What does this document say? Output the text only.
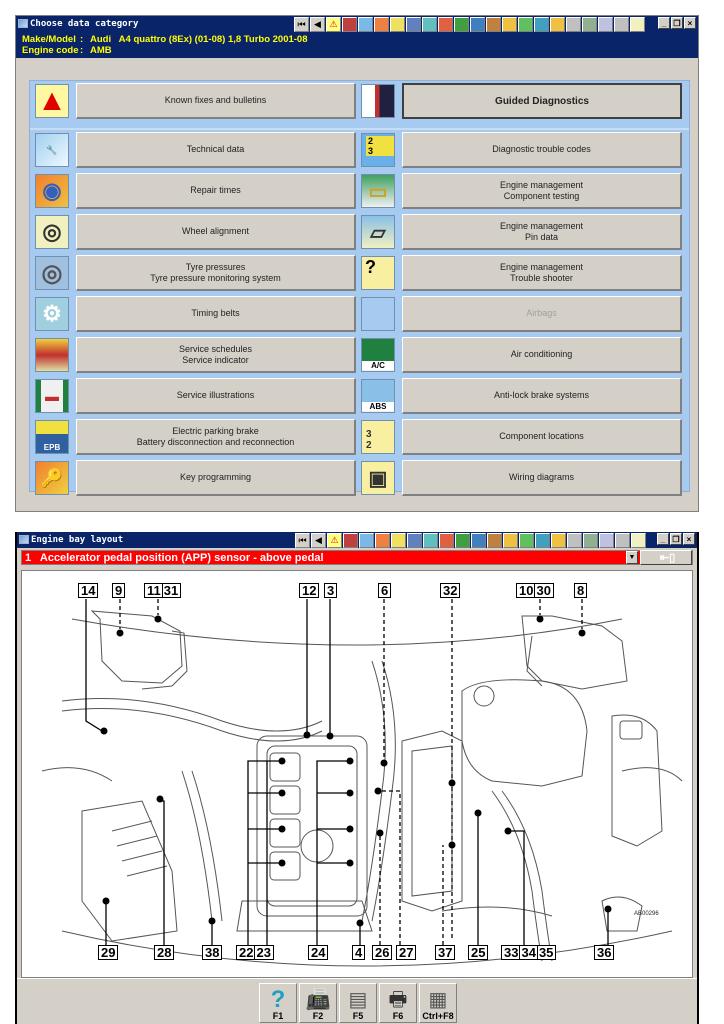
Choose data category	⏮ ◀ ⚠	_ ❐ ×
Make/Model : Audi   A4 quattro (8Ex) (01-08) 1,8 Turbo 2001-08
Engine code : AMB
▲	Known fixes and bulletins
🔧	Technical data
◉	Repair times
◎	Wheel alignment
◎	Tyre pressures
Tyre pressure monitoring system
⚙	Timing belts
Service schedules
Service indicator
▬	Service illustrations
EPB
Electric parking brake
Battery disconnection and reconnection
🔑	Key programming
Guided Diagnostics
2 3	Diagnostic trouble codes
▭	Engine management
Component testing
▱	Engine management
Pin data
?	Engine management
Trouble shooter
Airbags
A/C
Air conditioning
ABS
Anti-lock brake systems
3 2
Component locations
▣	Wiring diagrams
Engine bay layout	⏮ ◀ ⚠	_ ❐ ×
1   Accelerator pedal position (APP) sensor - above pedal	▼ ⇤▯
14 9 11 31	12 3	6	32	10 30 8
29	28	38 22 23	24 4 26 27 37 25 33 34 35	36
AB00296
?
F1
📠
F2
▤
F5
🖶
F6
▦
Ctrl+F8
